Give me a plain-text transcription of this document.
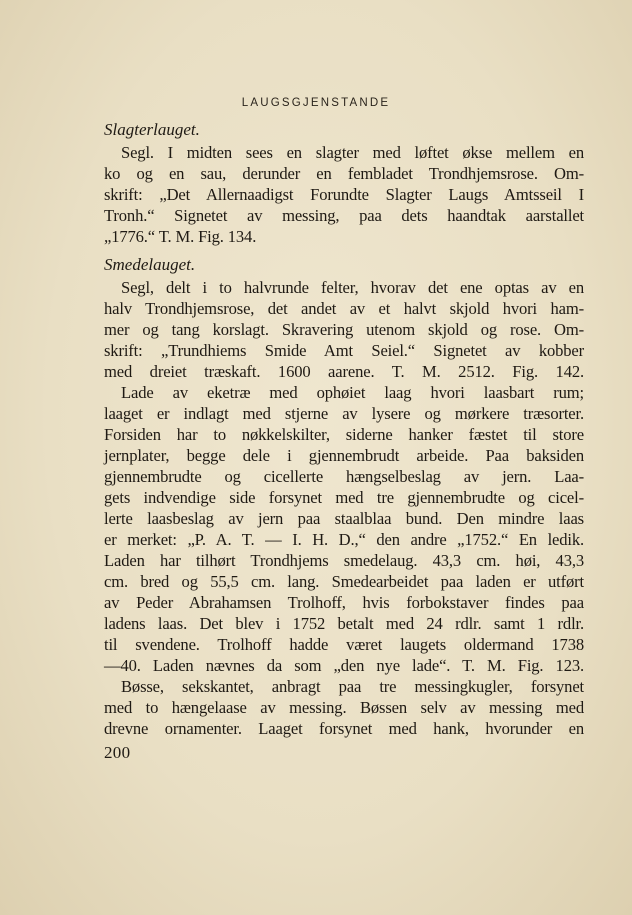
LAUGSGJENSTANDE
Slagterlauget.
Segl. I midten sees en slagter med løftet økse mellem en
ko og en sau, derunder en fembladet Trondhjemsrose. Om-
skrift: „Det Allernaadigst Forundte Slagter Laugs Amtsseil I
Tronh.“ Signetet av messing, paa dets haandtak aarstallet
„1776.“ T. M. Fig. 134.
Smedelauget.
Segl, delt i to halvrunde felter, hvorav det ene optas av en
halv Trondhjemsrose, det andet av et halvt skjold hvori ham-
mer og tang korslagt. Skravering utenom skjold og rose. Om-
skrift: „Trundhiems Smide Amt Seiel.“ Signetet av kobber
med dreiet træskaft. 1600 aarene. T. M. 2512. Fig. 142.
Lade av eketræ med ophøiet laag hvori laasbart rum;
laaget er indlagt med stjerne av lysere og mørkere træsorter.
Forsiden har to nøkkelskilter, siderne hanker fæstet til store
jernplater, begge dele i gjennembrudt arbeide. Paa baksiden
gjennembrudte og cicellerte hængselbeslag av jern. Laa-
gets indvendige side forsynet med tre gjennembrudte og cicel-
lerte laasbeslag av jern paa staalblaa bund. Den mindre laas
er merket: „P. A. T. — I. H. D.,“ den andre „1752.“ En ledik.
Laden har tilhørt Trondhjems smedelaug. 43,3 cm. høi, 43,3
cm. bred og 55,5 cm. lang. Smedearbeidet paa laden er utført
av Peder Abrahamsen Trolhoff, hvis forbokstaver findes paa
ladens laas. Det blev i 1752 betalt med 24 rdlr. samt 1 rdlr.
til svendene. Trolhoff hadde været laugets oldermand 1738
—40. Laden nævnes da som „den nye lade“. T. M. Fig. 123.
Bøsse, sekskantet, anbragt paa tre messingkugler, forsynet
med to hængelaase av messing. Bøssen selv av messing med
drevne ornamenter. Laaget forsynet med hank, hvorunder en
200
